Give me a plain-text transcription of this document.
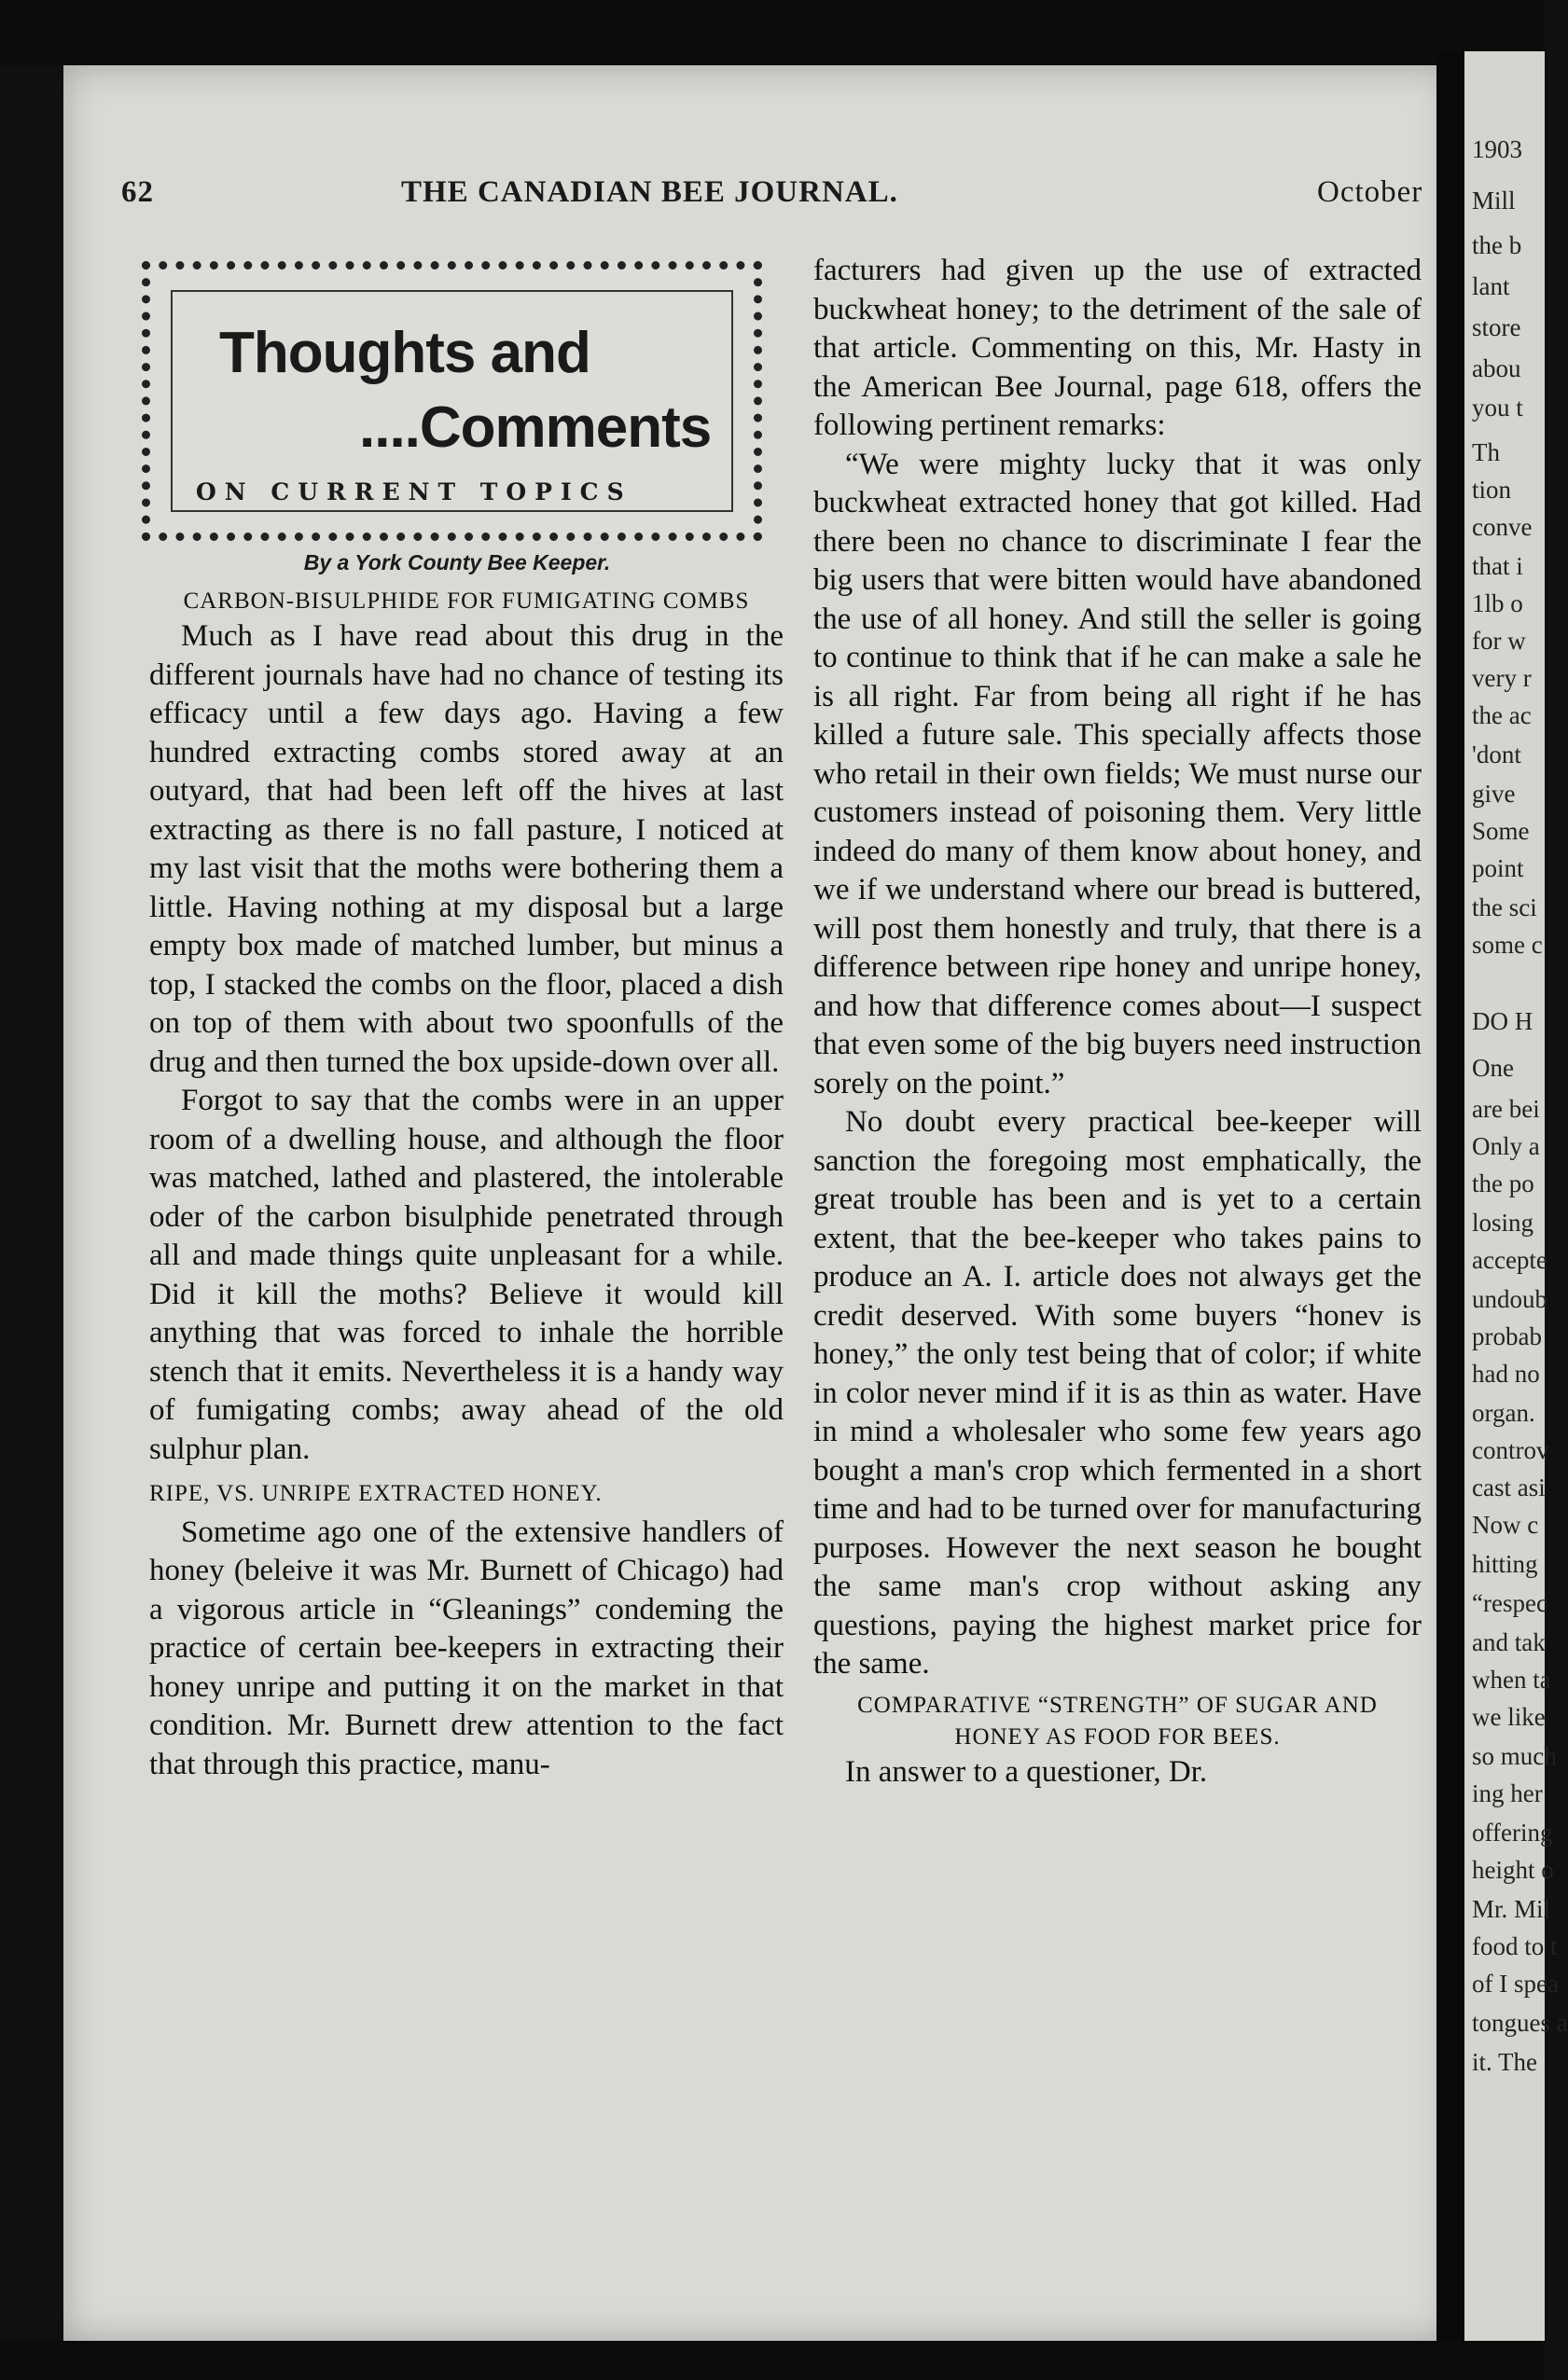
1903
Mill
the b
lant
store
abou
you t
Th
tion
conve
that i
1lb o
for w
very r
the ac
'dont
give
Some
point
the sci
some c
DO H
One
are bei
Only a
the po
losing
accepte
undoub
probab
had no
organ.
controv
cast asi
Now c
hitting
“respec
and tak
when ta
we like
so much
ing her
offering
height o
Mr. Mil
food to t
of I spea
tongues a
it. The
62	THE CANADIAN BEE JOURNAL.	October
Thoughts and
....Comments
ON CURRENT TOPICS
By a York County Bee Keeper.

CARBON-BISULPHIDE FOR FUMIGATING COMBS

Much as I have read about this drug in the different journals have had no chance of testing its efficacy until a few days ago. Having a few hundred extracting combs stored away at an outyard, that had been left off the hives at last extracting as there is no fall pasture, I noticed at my last visit that the moths were bothering them a little. Having nothing at my disposal but a large empty box made of matched lumber, but minus a top, I stacked the combs on the floor, placed a dish on top of them with about two spoonfulls of the drug and then turned the box upside-down over all.

Forgot to say that the combs were in an upper room of a dwelling house, and although the floor was matched, lathed and plastered, the intolerable oder of the carbon bisulphide penetrated through all and made things quite unpleasant for a while. Did it kill the moths? Believe it would kill anything that was forced to inhale the horrible stench that it emits. Nevertheless it is a handy way of fumigating combs; away ahead of the old sulphur plan.

RIPE, VS. UNRIPE EXTRACTED HONEY.

Sometime ago one of the extensive handlers of honey (beleive it was Mr. Burnett of Chicago) had a vigorous article in “Gleanings” condeming the practice of certain bee-keepers in extracting their honey unripe and putting it on the market in that condition. Mr. Burnett drew attention to the fact that through this practice, manu-

facturers had given up the use of extracted buckwheat honey; to the detriment of the sale of that article. Commenting on this, Mr. Hasty in the American Bee Journal, page 618, offers the following pertinent remarks:

“We were mighty lucky that it was only buckwheat extracted honey that got killed. Had there been no chance to discriminate I fear the big users that were bitten would have abandoned the use of all honey. And still the seller is going to continue to think that if he can make a sale he is all right. Far from being all right if he has killed a future sale. This specially affects those who retail in their own fields; We must nurse our customers instead of poisoning them. Very little indeed do many of them know about honey, and we if we understand where our bread is buttered, will post them honestly and truly, that there is a difference between ripe honey and unripe honey, and how that difference comes about—I suspect that even some of the big buyers need instruction sorely on the point.”

No doubt every practical bee-keeper will sanction the foregoing most emphatically, the great trouble has been and is yet to a certain extent, that the bee-keeper who takes pains to produce an A. I. article does not always get the credit deserved. With some buyers “honev is honey,” the only test being that of color; if white in color never mind if it is as thin as water. Have in mind a wholesaler who some few years ago bought a man's crop which fermented in a short time and had to be turned over for manufacturing purposes. However the next season he bought the same man's crop without asking any questions, paying the highest market price for the same.

COMPARATIVE “STRENGTH” OF SUGAR AND HONEY AS FOOD FOR BEES.

In answer to a questioner, Dr.
